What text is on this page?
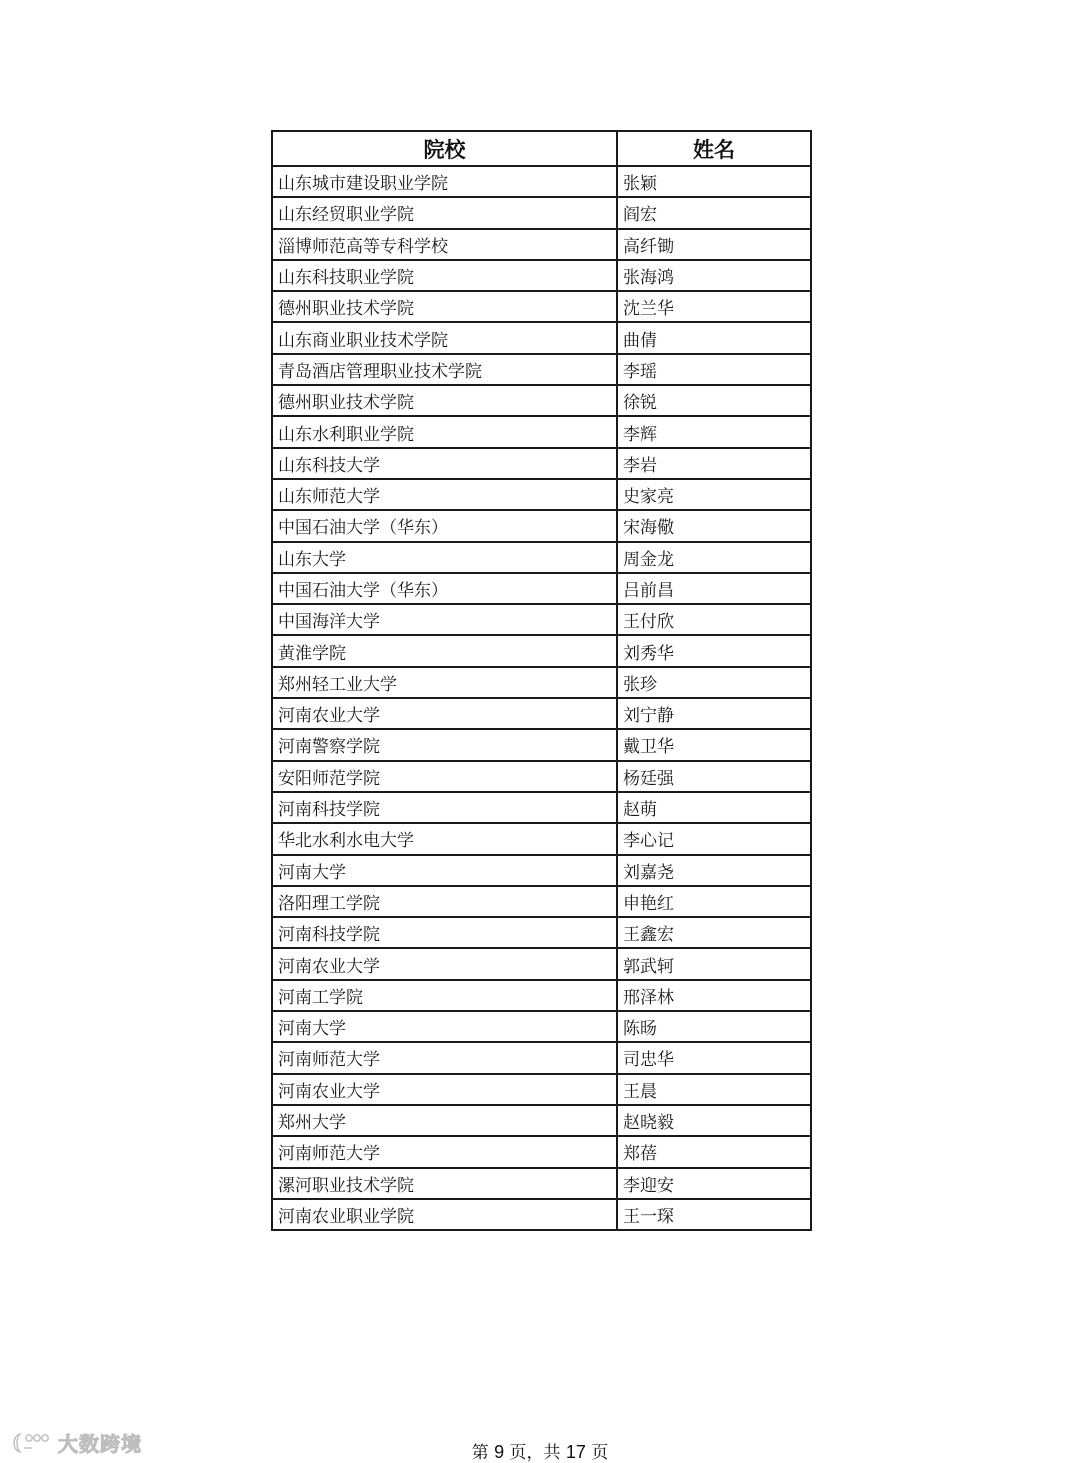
院校	姓名
山东城市建设职业学院	张颖
山东经贸职业学院	阎宏
淄博师范高等专科学校	高纤锄
山东科技职业学院	张海鸿
德州职业技术学院	沈兰华
山东商业职业技术学院	曲倩
青岛酒店管理职业技术学院	李瑶
德州职业技术学院	徐锐
山东水利职业学院	李辉
山东科技大学	李岩
山东师范大学	史家亮
中国石油大学（华东）	宋海儆
山东大学	周金龙
中国石油大学（华东）	吕前昌
中国海洋大学	王付欣
黄淮学院	刘秀华
郑州轻工业大学	张珍
河南农业大学	刘宁静
河南警察学院	戴卫华
安阳师范学院	杨廷强
河南科技学院	赵萌
华北水利水电大学	李心记
河南大学	刘嘉尧
洛阳理工学院	申艳红
河南科技学院	王鑫宏
河南农业大学	郭武轲
河南工学院	邢泽林
河南大学	陈旸
河南师范大学	司忠华
河南农业大学	王晨
郑州大学	赵晓毅
河南师范大学	郑蓓
漯河职业技术学院	李迎安
河南农业职业学院	王一琛
第 9 页，共 17 页
大数跨境
